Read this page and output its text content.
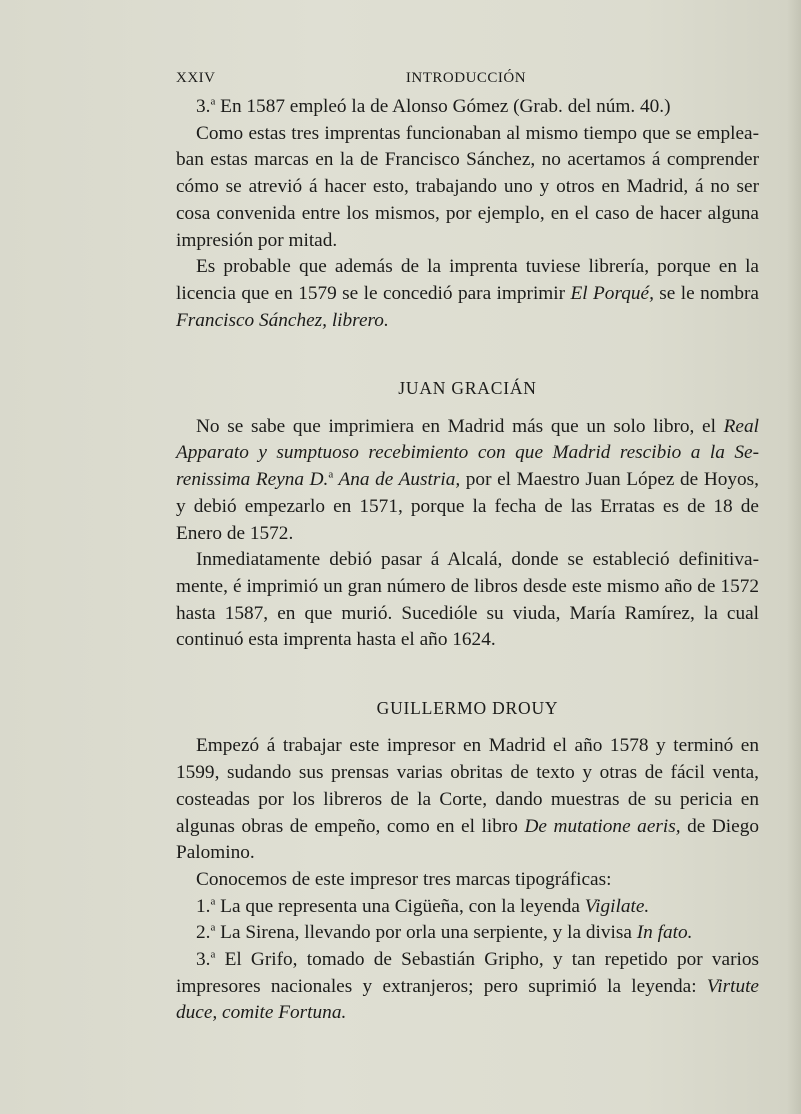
XXIV	INTRODUCCIÓN

3.$^a$ En 1587 empleó la de Alonso Gómez (Grab. del núm. 40.)

Como estas tres imprentas funcionaban al mismo tiempo que se empleaban estas marcas en la de Francisco Sánchez, no acertamos á comprender cómo se atrevió á hacer esto, trabajando uno y otros en Madrid, á no ser cosa convenida entre los mismos, por ejemplo, en el caso de hacer alguna impresión por mitad.

Es probable que además de la imprenta tuviese librería, porque en la licencia que en 1579 se le concedió para imprimir El Porqué, se le nombra Francisco Sánchez, librero.

JUAN GRACIÁN

No se sabe que imprimiera en Madrid más que un solo libro, el Real Apparato y sumptuoso recebimiento con que Madrid rescibio a la Serenissima Reyna D.$^a$ Ana de Austria, por el Maestro Juan López de Hoyos, y debió empezarlo en 1571, porque la fecha de las Erratas es de 18 de Enero de 1572.

Inmediatamente debió pasar á Alcalá, donde se estableció definitivamente, é imprimió un gran número de libros desde este mismo año de 1572 hasta 1587, en que murió. Sucedióle su viuda, María Ramírez, la cual continuó esta imprenta hasta el año 1624.

GUILLERMO DROUY

Empezó á trabajar este impresor en Madrid el año 1578 y terminó en 1599, sudando sus prensas varias obritas de texto y otras de fácil venta, costeadas por los libreros de la Corte, dando muestras de su pericia en algunas obras de empeño, como en el libro De mutatione aeris, de Diego Palomino.

Conocemos de este impresor tres marcas tipográficas:

1.$^a$ La que representa una Cigüeña, con la leyenda Vigilate.

2.$^a$ La Sirena, llevando por orla una serpiente, y la divisa In fato.

3.$^a$ El Grifo, tomado de Sebastián Gripho, y tan repetido por varios impresores nacionales y extranjeros; pero suprimió la leyenda: Virtute duce, comite Fortuna.
